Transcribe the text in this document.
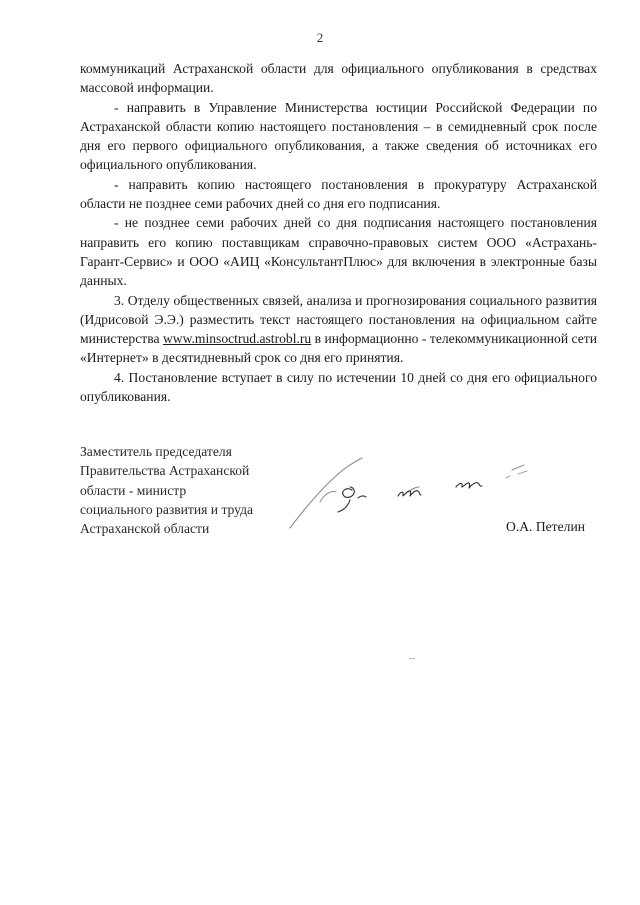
2

коммуникаций Астраханской области для официального опубликования в средствах массовой информации.

- направить в Управление Министерства юстиции Российской Федерации по Астраханской области копию настоящего постановления – в семидневный срок после дня его первого официального опубликования, а также сведения об источниках его официального опубликования.

- направить копию настоящего постановления в прокуратуру Астраханской области не позднее семи рабочих дней со дня его подписания.

- не позднее семи рабочих дней со дня подписания настоящего постановления направить его копию поставщикам справочно-правовых систем ООО «Астрахань-Гарант-Сервис» и ООО «АИЦ «КонсультантПлюс» для включения в электронные базы данных.

3. Отделу общественных связей, анализа и прогнозирования социального развития (Идрисовой Э.Э.) разместить текст настоящего постановления на официальном сайте министерства www.minsoctrud.astrobl.ru в информационно - телекоммуникационной сети «Интернет» в десятидневный срок со дня его принятия.

4. Постановление вступает в силу по истечении 10 дней со дня его официального опубликования.

Заместитель председателя
Правительства Астраханской
области - министр
социального развития и труда
Астраханской области	О.А. Петелин
